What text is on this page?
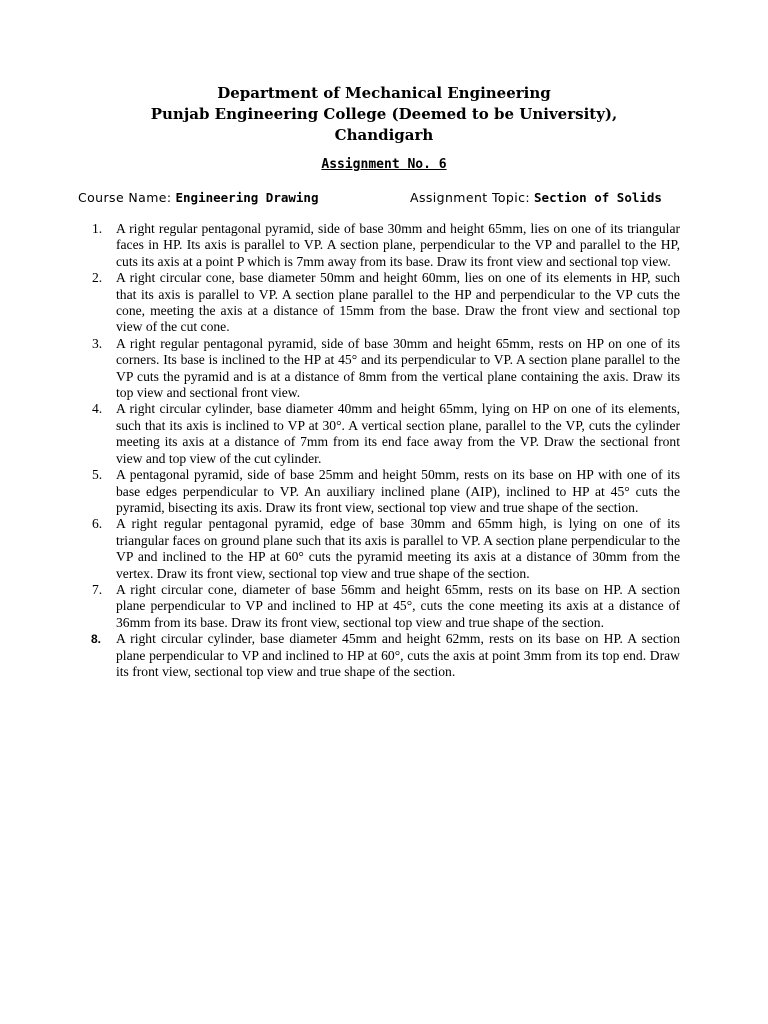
Department of Mechanical Engineering
Punjab Engineering College (Deemed to be University),
Chandigarh
Assignment No. 6
Course Name: Engineering Drawing	Assignment Topic: Section of Solids
1.	A right regular pentagonal pyramid, side of base 30mm and height 65mm, lies on one of its triangular faces in HP. Its axis is parallel to VP. A section plane, perpendicular to the VP and parallel to the HP, cuts its axis at a point P which is 7mm away from its base. Draw its front view and sectional top view.
2.	A right circular cone, base diameter 50mm and height 60mm, lies on one of its elements in HP, such that its axis is parallel to VP. A section plane parallel to the HP and perpendicular to the VP cuts the cone, meeting the axis at a distance of 15mm from the base. Draw the front view and sectional top view of the cut cone.
3.	A right regular pentagonal pyramid, side of base 30mm and height 65mm, rests on HP on one of its corners. Its base is inclined to the HP at 45° and its perpendicular to VP. A section plane parallel to the VP cuts the pyramid and is at a distance of 8mm from the vertical plane containing the axis. Draw its top view and sectional front view.
4.	A right circular cylinder, base diameter 40mm and height 65mm, lying on HP on one of its elements, such that its axis is inclined to VP at 30°. A vertical section plane, parallel to the VP, cuts the cylinder meeting its axis at a distance of 7mm from its end face away from the VP. Draw the sectional front view and top view of the cut cylinder.
5.	A pentagonal pyramid, side of base 25mm and height 50mm, rests on its base on HP with one of its base edges perpendicular to VP. An auxiliary inclined plane (AIP), inclined to HP at 45° cuts the pyramid, bisecting its axis. Draw its front view, sectional top view and true shape of the section.
6.	A right regular pentagonal pyramid, edge of base 30mm and 65mm high, is lying on one of its triangular faces on ground plane such that its axis is parallel to VP. A section plane perpendicular to the VP and inclined to the HP at 60° cuts the pyramid meeting its axis at a distance of 30mm from the vertex. Draw its front view, sectional top view and true shape of the section.
7.	A right circular cone, diameter of base 56mm and height 65mm, rests on its base on HP. A section plane perpendicular to VP and inclined to HP at 45°, cuts the cone meeting its axis at a distance of 36mm from its base. Draw its front view, sectional top view and true shape of the section.
8.	A right circular cylinder, base diameter 45mm and height 62mm, rests on its base on HP. A section plane perpendicular to VP and inclined to HP at 60°, cuts the axis at point 3mm from its top end. Draw its front view, sectional top view and true shape of the section.
